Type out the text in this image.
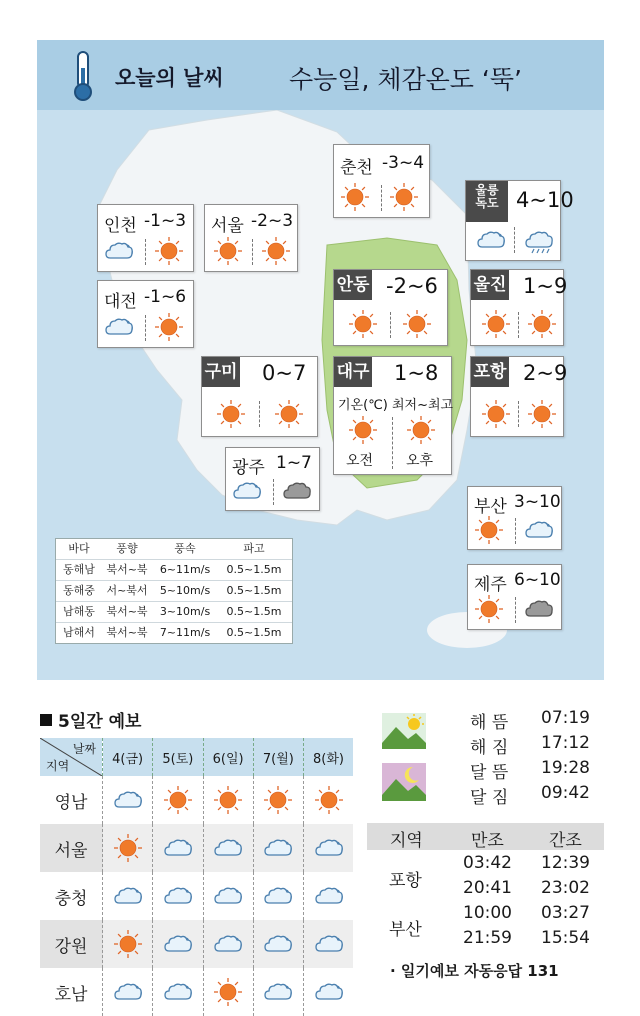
오늘의 날씨	수능일, 체감온도 ‘뚝’
춘천 -3~4
인천 -1~3 서울 -2~3
울릉
독도 4~10
대전 -1~6
안동 -2~6 울진 1~9
구미 0~7 대구 1~8
기온(℃) 최저~최고
오전 오후
포항 2~9
광주 1~7
부산 3~10
제주 6~10
바다	풍향	풍속	파고
동해남	북서~북	6~11m/s	0.5~1.5m
동해중	서~북서	5~10m/s	0.5~1.5m
남해동	북서~북	3~10m/s	0.5~1.5m
남해서	북서~북	7~11m/s	0.5~1.5m
5일간 예보
날짜
지역	4(금)	5(토)	6(일)	7(월)	8(화)
영남	

서울	

충청	

강원	

호남	

해 뜸 07:19
해 짐 17:12
달 뜸 19:28
달 짐 09:42
지역	만조	간조
포항
03:42 12:39
20:41 23:02
부산
10:00 03:27
21:59 15:54
· 일기예보 자동응답 131
